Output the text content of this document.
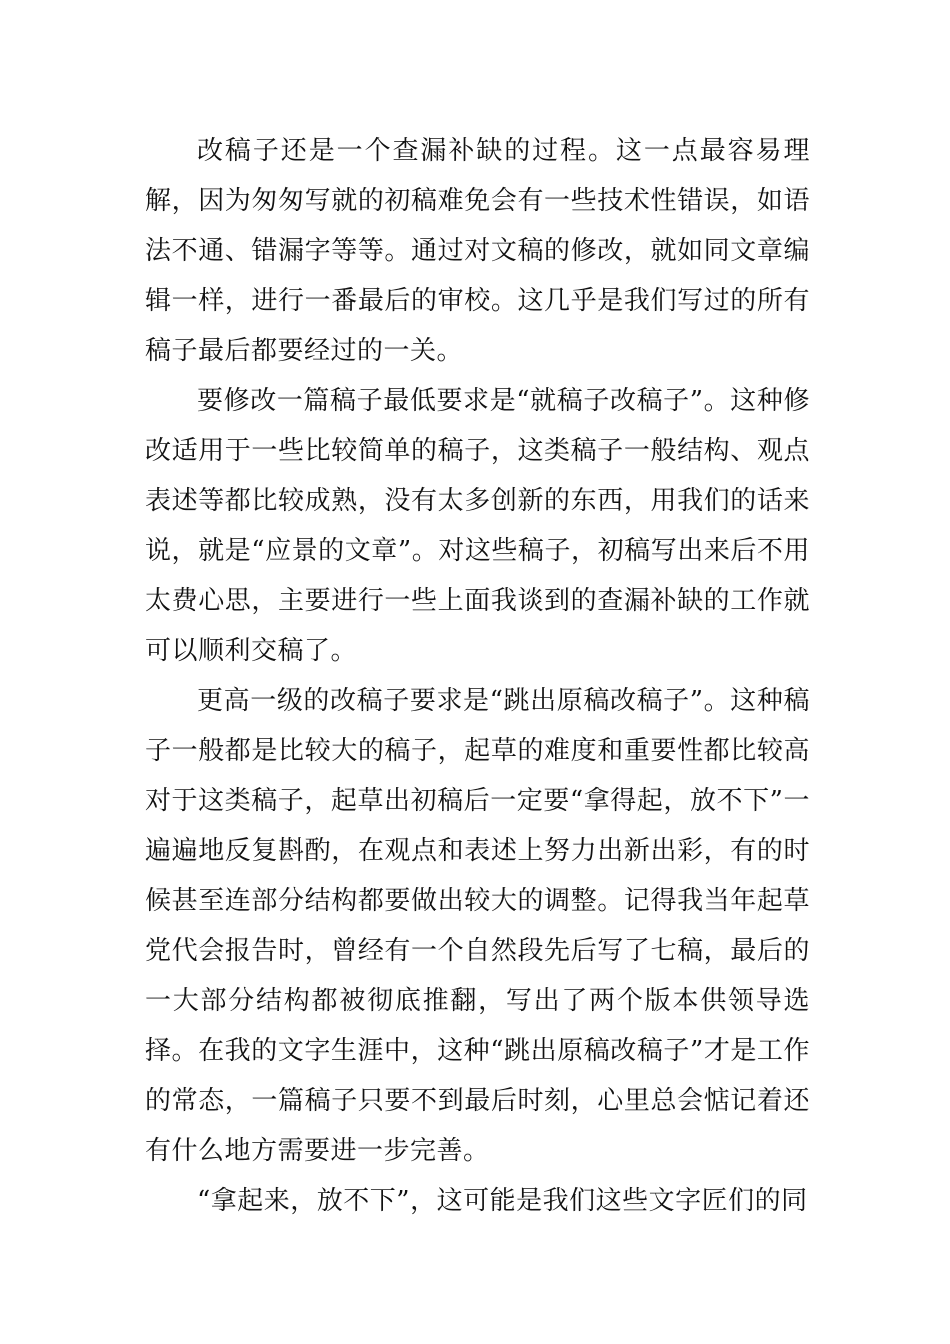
改稿子还是一个查漏补缺的过程。这一点最容易理解，因为匆匆写就的初稿难免会有一些技术性错误，如语法不通、错漏字等等。通过对文稿的修改，就如同文章编辑一样，进行一番最后的审校。这几乎是我们写过的所有稿子最后都要经过的一关。

要修改一篇稿子最低要求是“就稿子改稿子”。这种修改适用于一些比较简单的稿子，这类稿子一般结构、观点表述等都比较成熟，没有太多创新的东西，用我们的话来说，就是“应景的文章”。对这些稿子，初稿写出来后不用太费心思，主要进行一些上面我谈到的查漏补缺的工作就可以顺利交稿了。

更高一级的改稿子要求是“跳出原稿改稿子”。这种稿子一般都是比较大的稿子，起草的难度和重要性都比较高对于这类稿子，起草出初稿后一定要“拿得起，放不下”一遍遍地反复斟酌，在观点和表述上努力出新出彩，有的时候甚至连部分结构都要做出较大的调整。记得我当年起草党代会报告时，曾经有一个自然段先后写了七稿，最后的一大部分结构都被彻底推翻，写出了两个版本供领导选择。在我的文字生涯中，这种“跳出原稿改稿子”才是工作的常态，一篇稿子只要不到最后时刻，心里总会惦记着还有什么地方需要进一步完善。

“拿起来，放不下”，这可能是我们这些文字匠们的同
